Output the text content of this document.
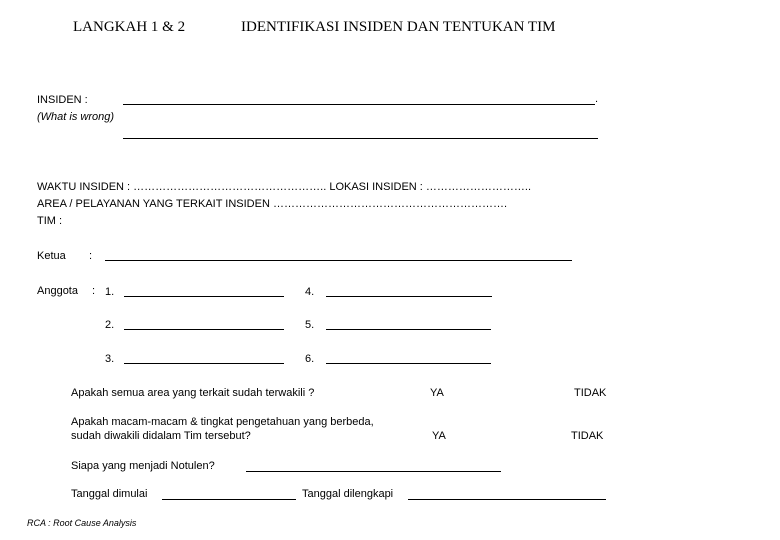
LANGKAH 1 & 2	IDENTIFIKASI INSIDEN DAN TENTUKAN TIM
INSIDEN :
(What is wrong)
.
WAKTU INSIDEN : …………………………………………….. LOKASI INSIDEN : ………………………..
AREA / PELAYANAN YANG TERKAIT INSIDEN ……………………………………………………….
TIM :
Ketua :
Anggota : 1.	4.
2.	5.
3.	6.
Apakah semua area yang terkait sudah terwakili ?	YA	TIDAK
Apakah macam-macam & tingkat pengetahuan yang berbeda,
sudah diwakili didalam Tim tersebut?	YA	TIDAK
Siapa yang menjadi Notulen?
Tanggal dimulai	Tanggal dilengkapi
RCA : Root Cause Analysis
